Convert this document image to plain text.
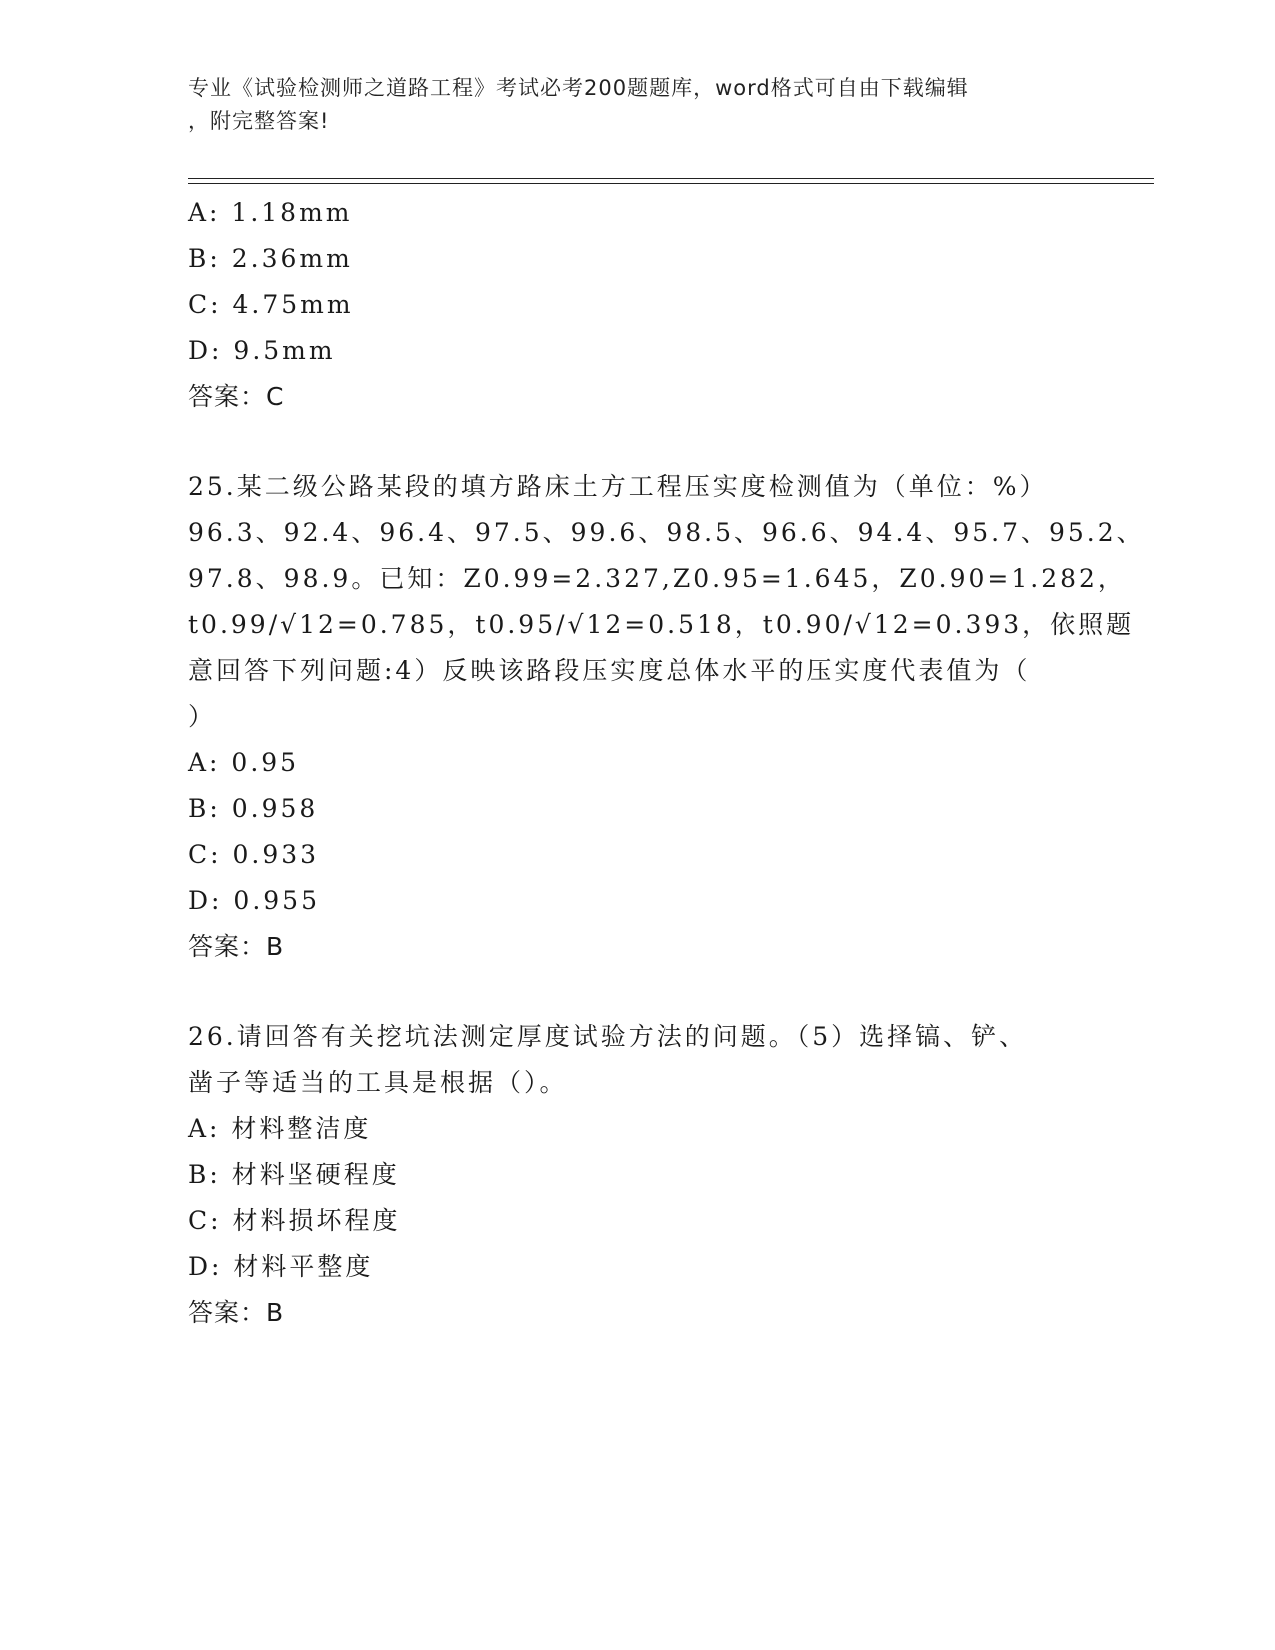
专业《试验检测师之道路工程》考试必考200题题库，word格式可自由下载编辑
，附完整答案!
A: 1.18mm
B: 2.36mm
C: 4.75mm
D: 9.5mm
答案：C
25.某二级公路某段的填方路床土方工程压实度检测值为（单位：%）
96.3、92.4、96.4、97.5、99.6、98.5、96.6、94.4、95.7、95.2、
97.8、98.9。已知：Z0.99=2.327,Z0.95=1.645，Z0.90=1.282，
t0.99/√12=0.785，t0.95/√12=0.518，t0.90/√12=0.393，依照题
意回答下列问题:4）反映该路段压实度总体水平的压实度代表值为（
）
A: 0.95
B: 0.958
C: 0.933
D: 0.955
答案：B
26.请回答有关挖坑法测定厚度试验方法的问题。（5）选择镐、铲、
凿子等适当的工具是根据（）。
A: 材料整洁度
B: 材料坚硬程度
C: 材料损坏程度
D: 材料平整度
答案：B
